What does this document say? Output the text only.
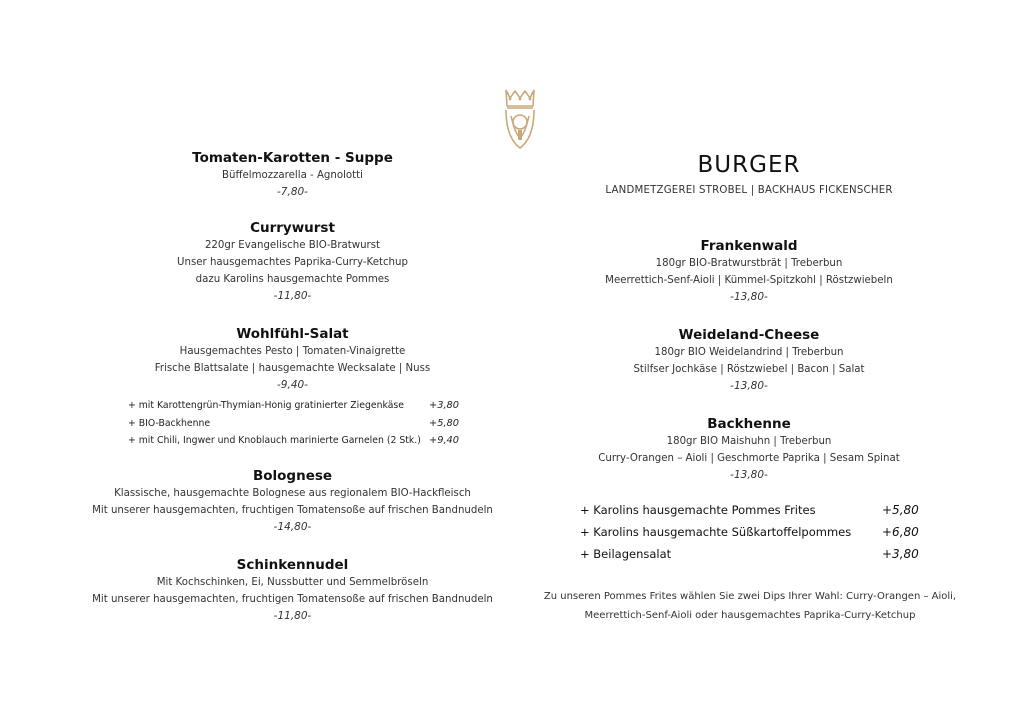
Tomaten-Karotten - Suppe

Büffelmozzarella - Agnolotti

-7,80-

Currywurst

220gr Evangelische BIO-Bratwurst

Unser hausgemachtes Paprika-Curry-Ketchup

dazu Karolins hausgemachte Pommes

-11,80-

Wohlfühl-Salat

Hausgemachtes Pesto | Tomaten-Vinaigrette

Frische Blattsalate | hausgemachte Wecksalate | Nuss

-9,40-

+ mit Karottengrün-Thymian-Honig gratinierter Ziegenkäse	+3,80
+ BIO-Backhenne	+5,80
+ mit Chili, Ingwer und Knoblauch marinierte Garnelen (2 Stk.) +9,40

Bolognese

Klassische, hausgemachte Bolognese aus regionalem BIO-Hackfleisch

Mit unserer hausgemachten, fruchtigen Tomatensoße auf frischen Bandnudeln

-14,80-

Schinkennudel

Mit Kochschinken, Ei, Nussbutter und Semmelbröseln

Mit unserer hausgemachten, fruchtigen Tomatensoße auf frischen Bandnudeln

-11,80-

BURGER

LANDMETZGEREI STROBEL | BACKHAUS FICKENSCHER

Frankenwald

180gr BIO-Bratwurstbrät | Treberbun

Meerrettich-Senf-Aioli | Kümmel-Spitzkohl | Röstzwiebeln

-13,80-

Weideland-Cheese

180gr BIO Weidelandrind | Treberbun

Stilfser Jochkäse | Röstzwiebel | Bacon | Salat

-13,80-

Backhenne

180gr BIO Maishuhn | Treberbun

Curry-Orangen – Aioli | Geschmorte Paprika | Sesam Spinat

-13,80-

+ Karolins hausgemachte Pommes Frites	+5,80
+ Karolins hausgemachte Süßkartoffelpommes	+6,80
+ Beilagensalat	+3,80
Zu unseren Pommes Frites wählen Sie zwei Dips Ihrer Wahl: Curry-Orangen – Aioli,
Meerrettich-Senf-Aioli oder hausgemachtes Paprika-Curry-Ketchup
